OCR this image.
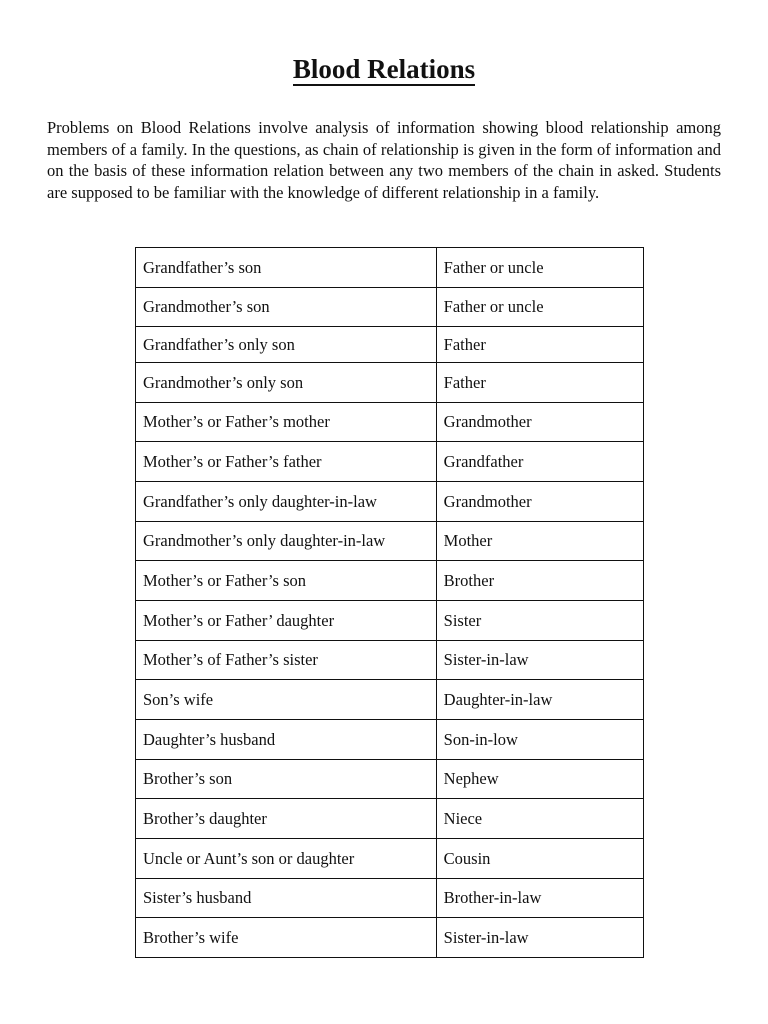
Blood Relations

Problems on Blood Relations involve analysis of information showing blood relationship among members of a family. In the questions, as chain of relationship is given in the form of information and on the basis of these information relation between any two members of the chain in asked. Students are supposed to be familiar with the knowledge of different relationship in a family.

Grandfather’s son	Father or uncle
Grandmother’s son	Father or uncle
Grandfather’s only son	Father
Grandmother’s only son	Father
Mother’s or Father’s mother	Grandmother
Mother’s or Father’s father	Grandfather
Grandfather’s only daughter-in-law	Grandmother
Grandmother’s only daughter-in-law	Mother
Mother’s or Father’s son	Brother
Mother’s or Father’ daughter	Sister
Mother’s of Father’s sister	Sister-in-law
Son’s wife	Daughter-in-law
Daughter’s husband	Son-in-low
Brother’s son	Nephew
Brother’s daughter	Niece
Uncle or Aunt’s son or daughter	Cousin
Sister’s husband	Brother-in-law
Brother’s wife	Sister-in-law
